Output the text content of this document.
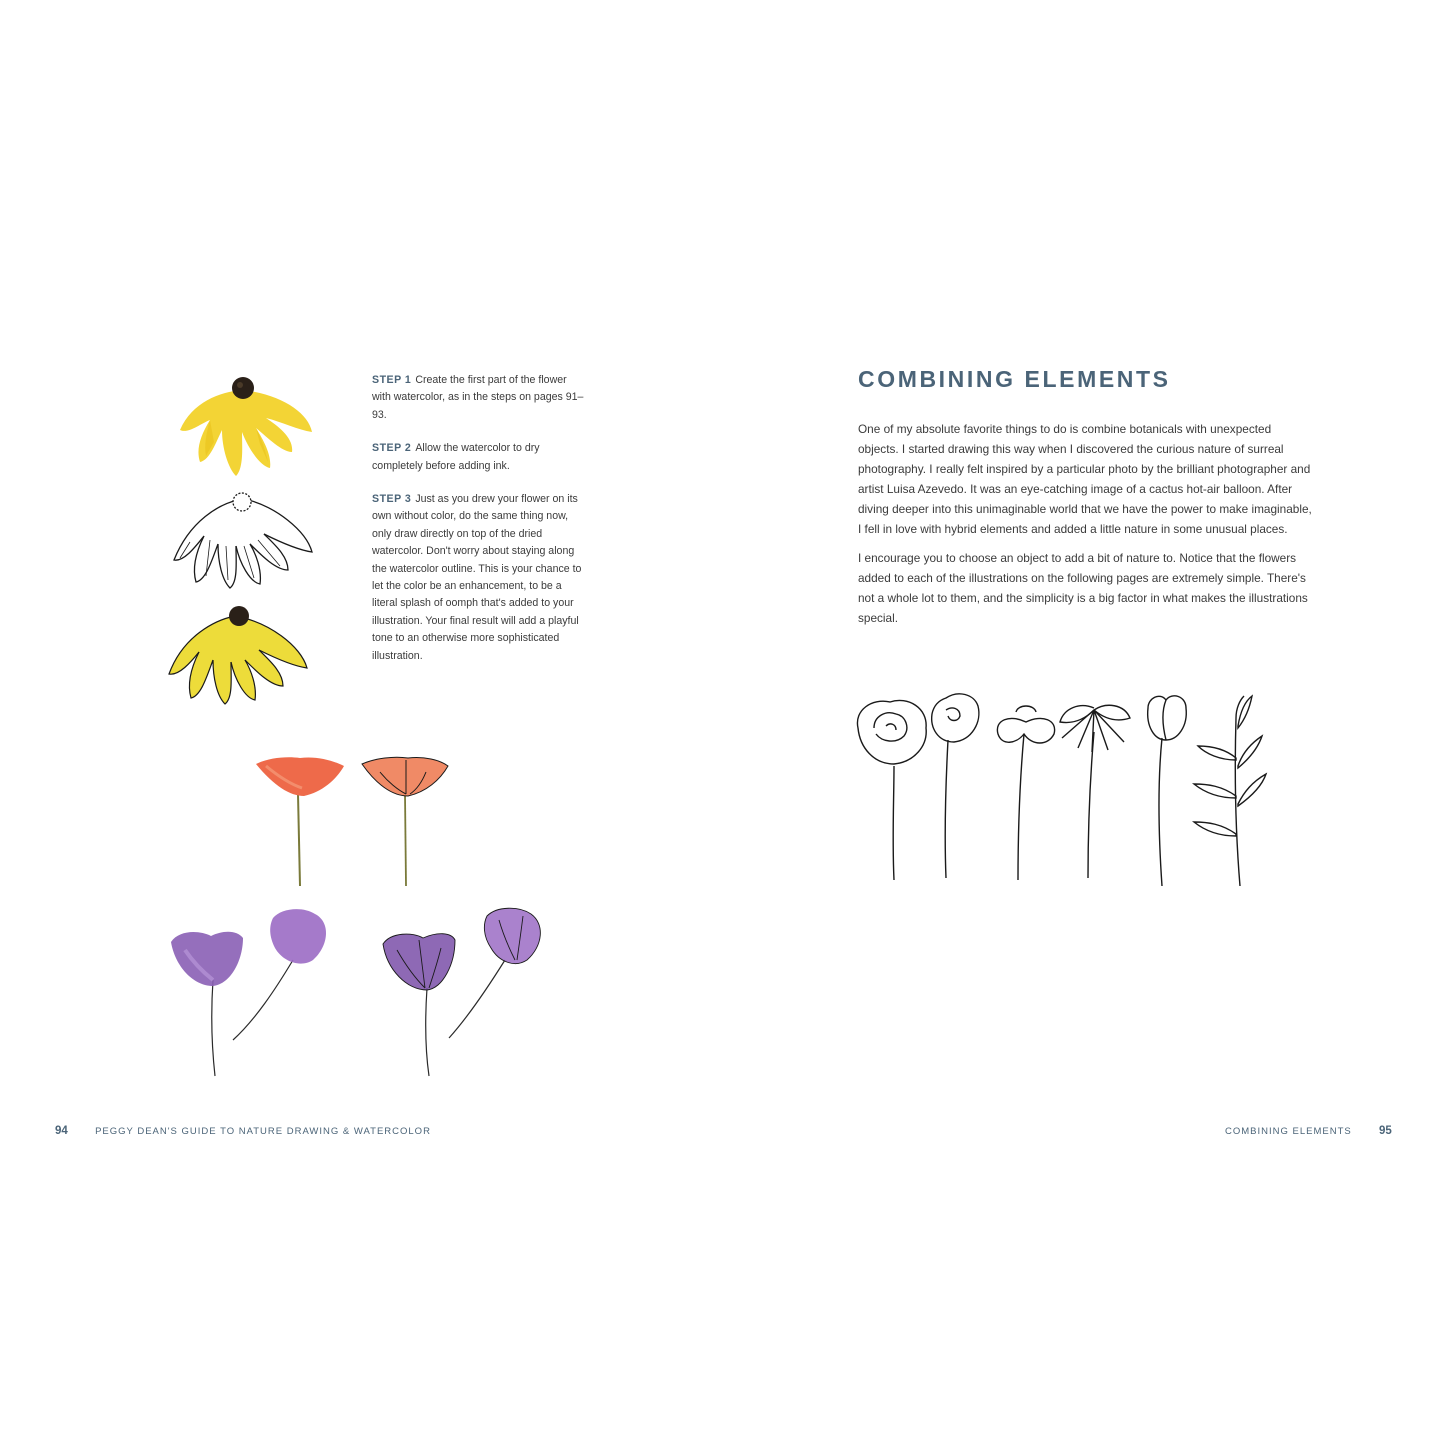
STEP 1 Create the first part of the flower with watercolor, as in the steps on pages 91–93.

STEP 2 Allow the watercolor to dry completely before adding ink.

STEP 3 Just as you drew your flower on its own without color, do the same thing now, only draw directly on top of the dried watercolor. Don't worry about staying along the watercolor outline. This is your chance to let the color be an enhancement, to be a literal splash of oomph that's added to your illustration. Your final result will add a playful tone to an otherwise more sophisticated illustration.

94	PEGGY DEAN'S GUIDE TO NATURE DRAWING & WATERCOLOR
COMBINING ELEMENTS

One of my absolute favorite things to do is combine botanicals with unexpected objects. I started drawing this way when I discovered the curious nature of surreal photography. I really felt inspired by a particular photo by the brilliant photographer and artist Luisa Azevedo. It was an eye-catching image of a cactus hot-air balloon. After diving deeper into this unimaginable world that we have the power to make imaginable, I fell in love with hybrid elements and added a little nature in some unusual places.

I encourage you to choose an object to add a bit of nature to. Notice that the flowers added to each of the illustrations on the following pages are extremely simple. There's not a whole lot to them, and the simplicity is a big factor in what makes the illustrations special.

COMBINING ELEMENTS 95
